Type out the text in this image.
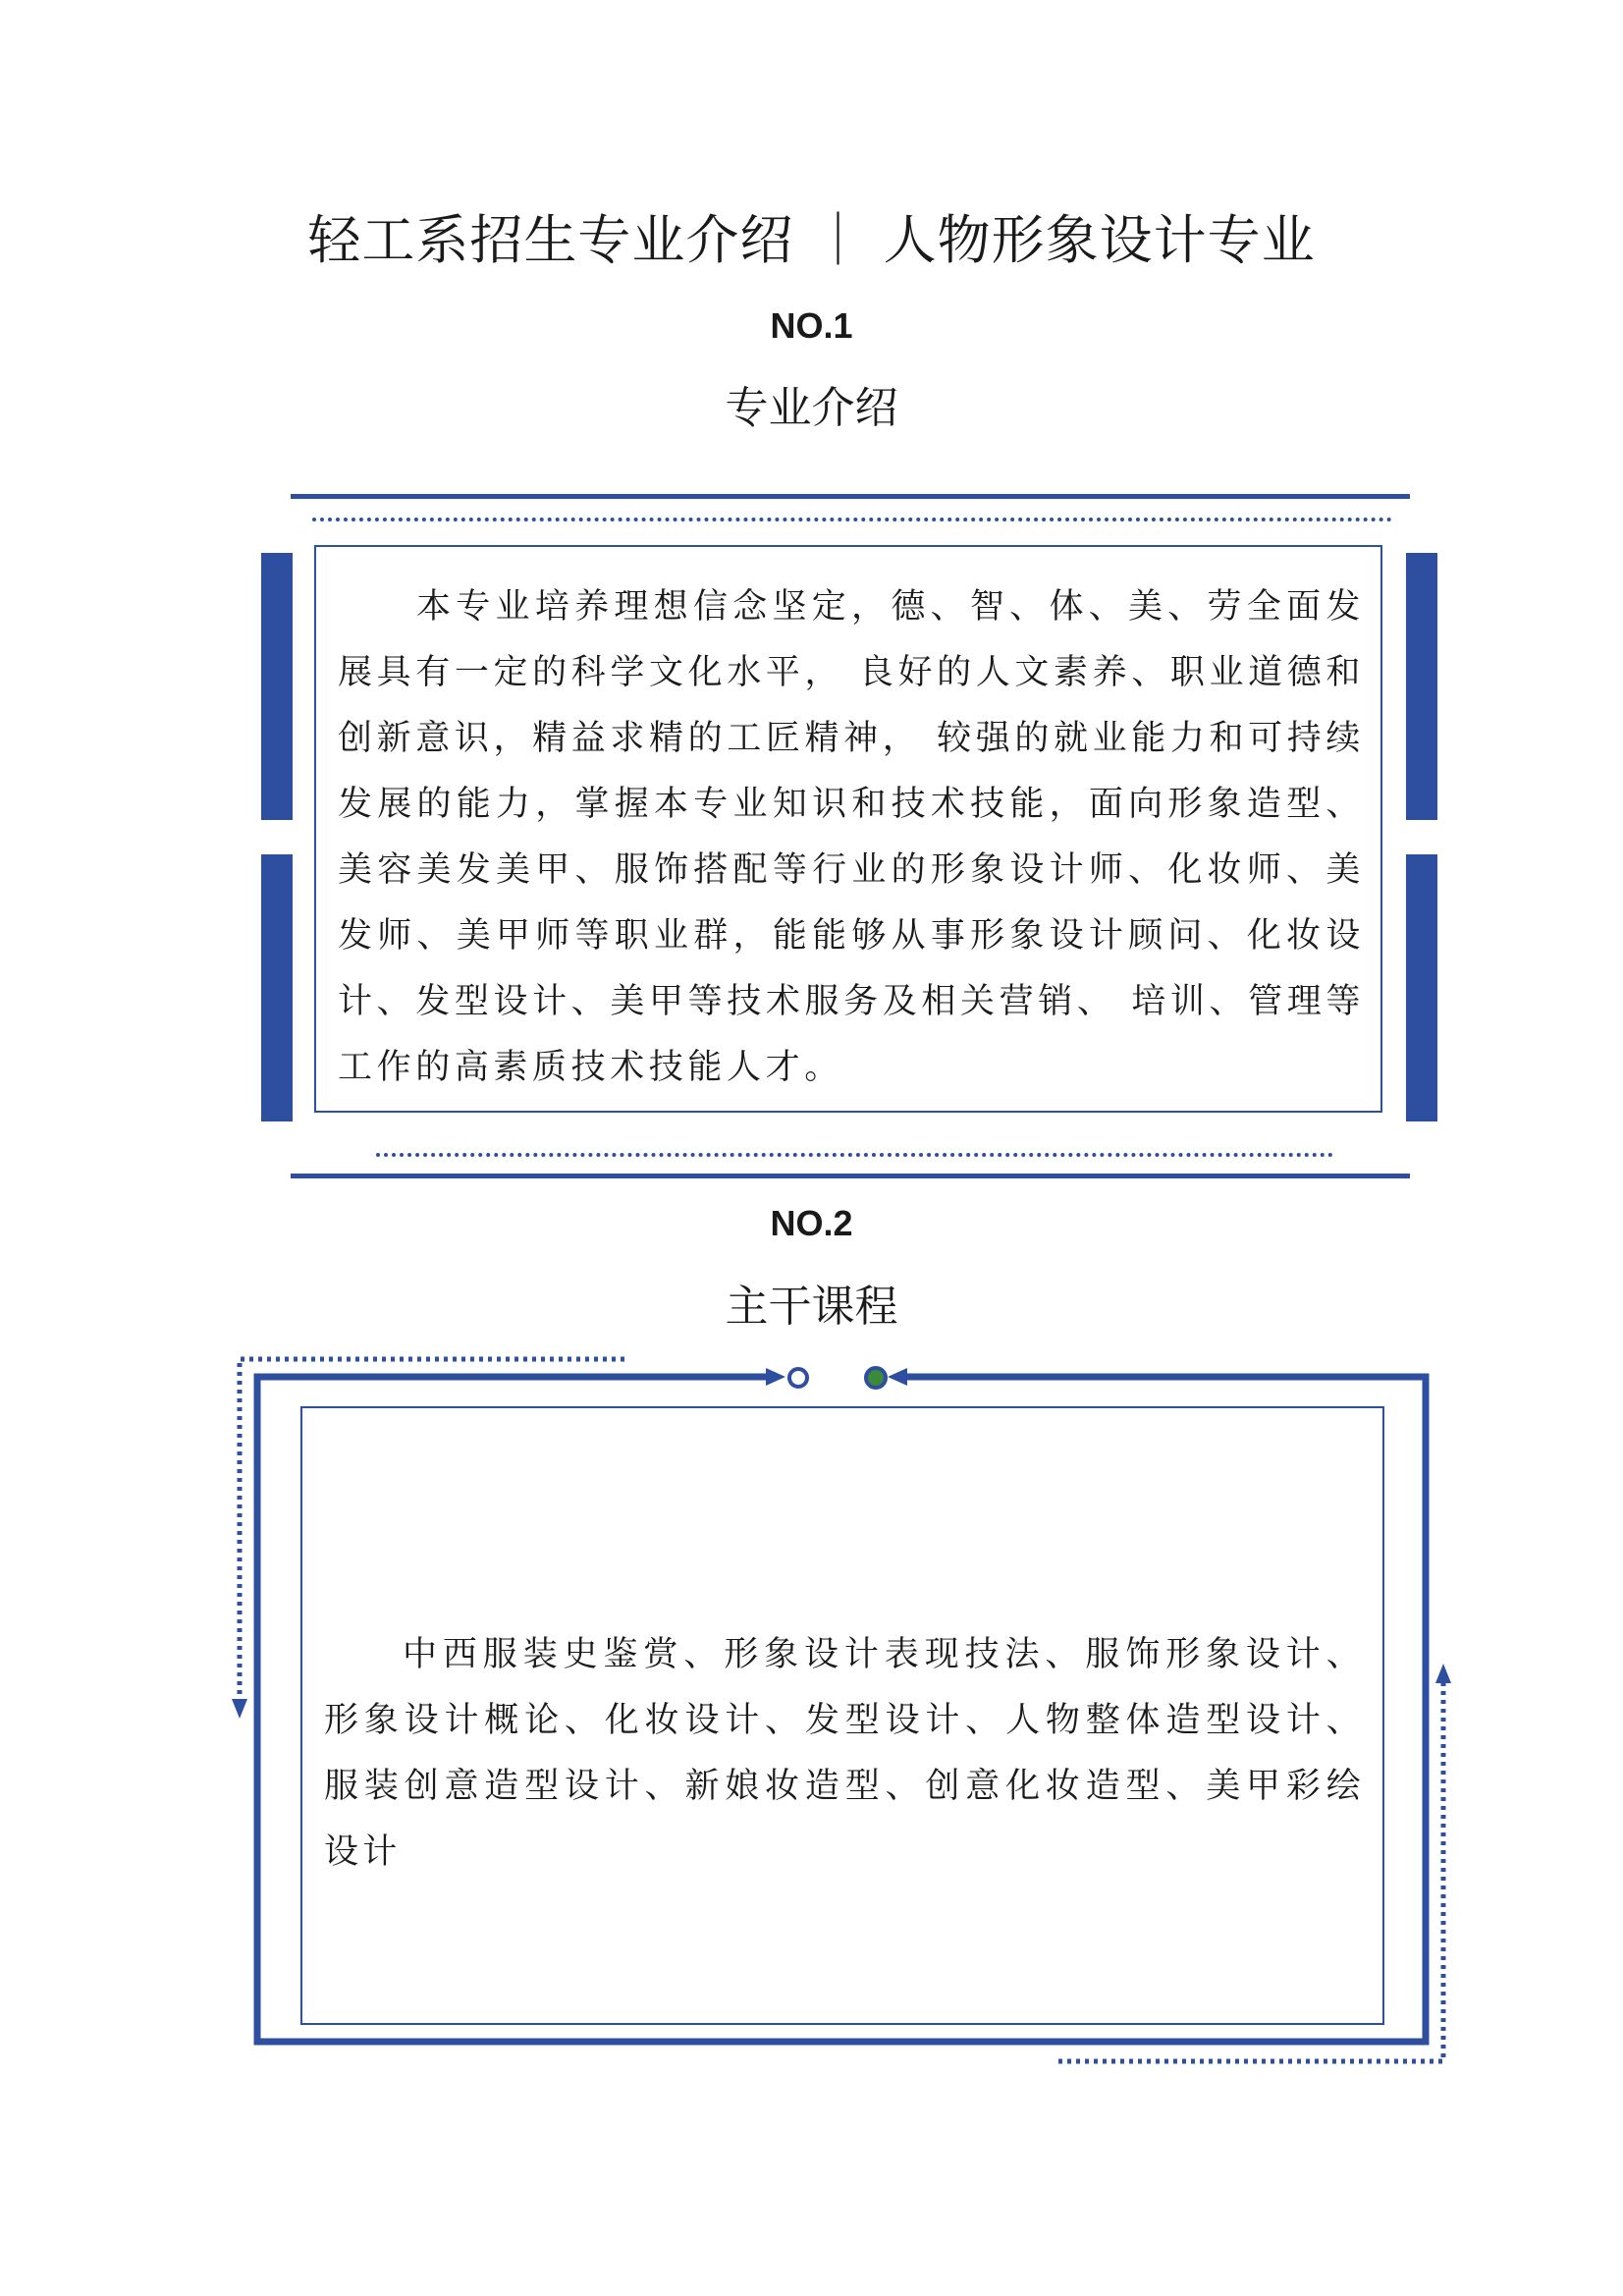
轻工系招生专业介绍 ｜ 人物形象设计专业
NO.1
专业介绍

本专业培养理想信念坚定，德、智、体、美、劳全面发展具有一定的科学文化水平， 良好的人文素养、职业道德和创新意识，精益求精的工匠精神， 较强的就业能力和可持续发展的能力，掌握本专业知识和技术技能，面向形象造型、美容美发美甲、服饰搭配等行业的形象设计师、化妆师、美发师、美甲师等职业群，能能够从事形象设计顾问、化妆设计、发型设计、美甲等技术服务及相关营销、 培训、管理等工作的高素质技术技能人才。

NO.2
主干课程

中西服装史鉴赏、形象设计表现技法、服饰形象设计、形象设计概论、化妆设计、发型设计、人物整体造型设计、服装创意造型设计、新娘妆造型、创意化妆造型、美甲彩绘设计
